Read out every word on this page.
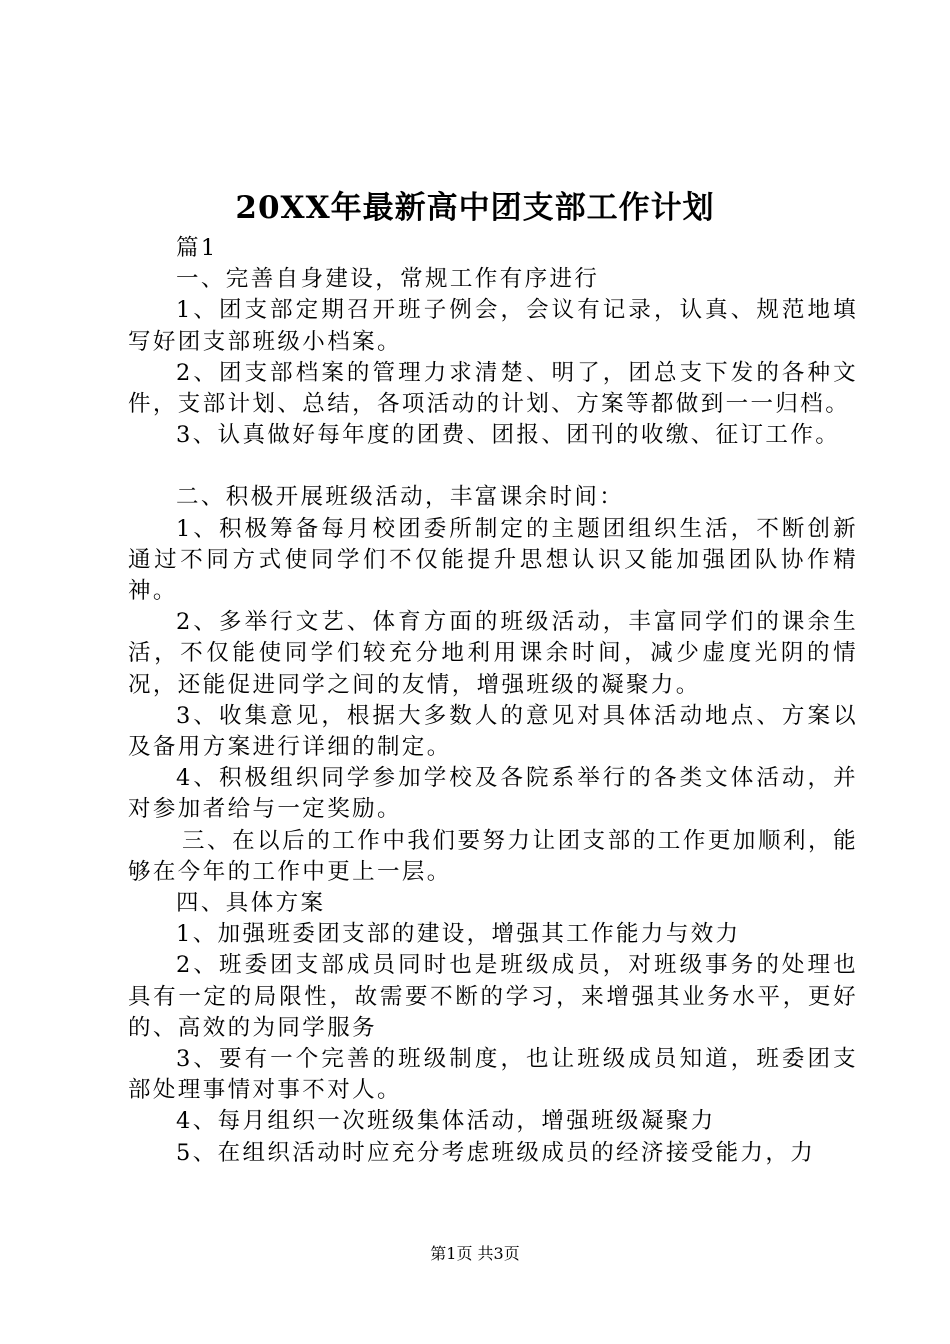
20XX年最新高中团支部工作计划

篇1

一、完善自身建设，常规工作有序进行

1、团支部定期召开班子例会，会议有记录，认真、规范地填写好团支部班级小档案。

2、团支部档案的管理力求清楚、明了，团总支下发的各种文件，支部计划、总结，各项活动的计划、方案等都做到一一归档。

3、认真做好每年度的团费、团报、团刊的收缴、征订工作。

二、积极开展班级活动，丰富课余时间：

1、积极筹备每月校团委所制定的主题团组织生活，不断创新通过不同方式使同学们不仅能提升思想认识又能加强团队协作精神。

2、多举行文艺、体育方面的班级活动，丰富同学们的课余生活，不仅能使同学们较充分地利用课余时间，减少虚度光阴的情况，还能促进同学之间的友情，增强班级的凝聚力。

3、收集意见，根据大多数人的意见对具体活动地点、方案以及备用方案进行详细的制定。

4、积极组织同学参加学校及各院系举行的各类文体活动，并对参加者给与一定奖励。

三、在以后的工作中我们要努力让团支部的工作更加顺利，能够在今年的工作中更上一层。

四、具体方案

1、加强班委团支部的建设，增强其工作能力与效力

2、班委团支部成员同时也是班级成员，对班级事务的处理也具有一定的局限性，故需要不断的学习，来增强其业务水平，更好的、高效的为同学服务

3、要有一个完善的班级制度，也让班级成员知道，班委团支部处理事情对事不对人。

4、每月组织一次班级集体活动，增强班级凝聚力

5、在组织活动时应充分考虑班级成员的经济接受能力，力

第1页 共3页
